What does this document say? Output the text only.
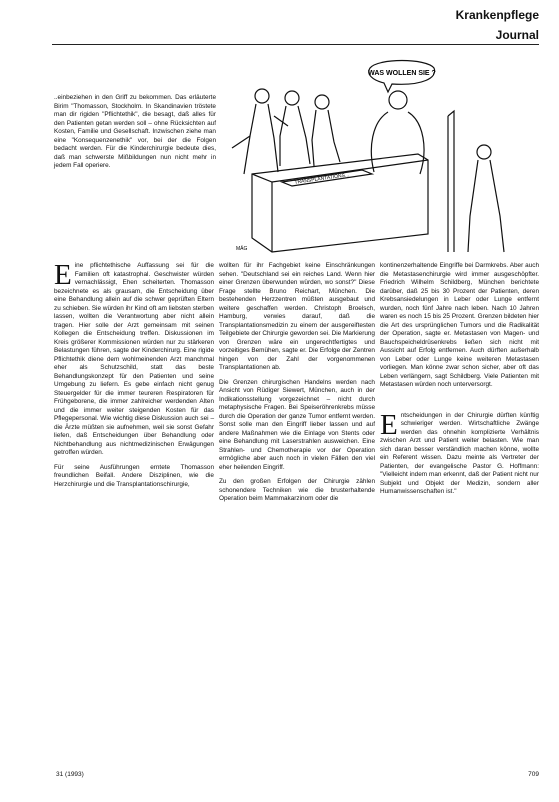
Krankenpflege
Journal

..einbeziehen in den Griff zu bekommen. Das erläuterte Birim "Thomasson, Stockholm. In Skandinavien tröstete man dir rigiden "Pflichtethik", die besagt, daß alles für den Patienten getan werden soll – ohne Rücksichten auf Kosten, Familie und Gesellschaft. Inzwischen ziehe man eine "Konsequenzenethik" vor, bei der die Folgen bedacht werden. Für die Kinderchirurgie bedeute dies, daß man schwerste Mißbildungen nun nicht mehr in jedem Fall operiere.

WAS WOLLEN SIE ?
TRANSPLANTATIONS...
MÄG

Eine pflichtethische Auffassung sei für die Familien oft katastrophal. Geschwister würden vernachlässigt, Ehen scheiterten. Thomasson bezeichnete es als grausam, die Entscheidung über eine Behandlung allein auf die schwer geprüften Eltern zu schieben. Sie würden ihr Kind oft am liebsten sterben lassen, wollten die Verantwortung aber nicht allein tragen. Hier solle der Arzt gemeinsam mit seinen Kollegen die Entscheidung treffen. Diskussionen im Kreis größerer Kommissionen würden nur zu stärkeren Belastungen führen, sagte der Kinderchirurg. Eine rigide Pflichtethik diene dem wohlmeinenden Arzt manchmal eher als Schutzschild, statt das beste Behandlungskonzept für den Patienten und seine Umgebung zu liefern. Es gebe einfach nicht genug Steuergelder für die immer teureren Respiratoren für Frühgeborene, die immer zahlreicher werdenden Alten und die immer weiter steigenden Kosten für das Pflegepersonal. Wie wichtig diese Diskussion auch sei – die Ärzte müßten sie aufnehmen, weil sie sonst Gefahr liefen, daß Entscheidungen über Behandlung oder Nichtbehandlung aus nichtmedizinischen Erwägungen getroffen würden.

Für seine Ausführungen erntete Thomasson freundlichen Beifall. Andere Disziplinen, wie die Herzchirurgie und die Transplantationschirurgie,

wollten für ihr Fachgebiet keine Einschränkungen sehen. "Deutschland sei ein reiches Land. Wenn hier einer Grenzen überwunden würden, wo sonst?" Diese Frage stellte Bruno Reichart, München. Die bestehenden Herzzentren müßten ausgebaut und weitere geschaffen werden. Christoph Broelsch, Hamburg, verwies darauf, daß die Transplantationsmedizin zu einem der ausgereiftesten Teilgebiete der Chirurgie geworden sei. Die Markierung von Grenzen wäre ein ungerechtfertigtes und vorzeitiges Bemühen, sagte er. Die Erfolge der Zentren hingen von der Zahl der vorgenommenen Transplantationen ab.

Die Grenzen chirurgischen Handelns werden nach Ansicht von Rüdiger Siewert, München, auch in der Indikationsstellung vorgezeichnet – nicht durch metaphysische Fragen. Bei Speiseröhrenkrebs müsse durch die Operation der ganze Tumor entfernt werden. Sonst solle man den Eingriff lieber lassen und auf andere Maßnahmen wie die Einlage von Stents oder eine Behandlung mit Laserstrahlen ausweichen. Eine Strahlen- und Chemotherapie vor der Operation ermögliche aber auch noch in vielen Fällen den viel eher heilenden Eingriff.

Zu den großen Erfolgen der Chirurgie zählen schonendere Techniken wie die brusterhaltende Operation beim Mammakarzinom oder die

kontinenzerhaltende Eingriffe bei Darmkrebs. Aber auch die Metastasenchirurgie wird immer ausgeschöpfter. Friedrich Wilhelm Schildberg, München berichtete darüber, daß 25 bis 30 Prozent der Patienten, deren Krebsansiedelungen in Leber oder Lunge entfernt wurden, noch fünf Jahre nach leben. Nach 10 Jahren waren es noch 15 bis 25 Prozent. Grenzen bildeten hier die Art des ursprünglichen Tumors und die Radikalität der Operation, sagte er. Metastasen von Magen- und Bauchspeicheldrüsenkrebs ließen sich nicht mit Aussicht auf Erfolg entfernen. Auch dürften außerhalb von Leber oder Lunge keine weiteren Metastasen vorliegen. Man könne zwar schon sicher, aber oft das Leben verlängern, sagt Schildberg. Viele Patienten mit Metastasen würden noch unterversorgt.

Entscheidungen in der Chirurgie dürften künftig schwieriger werden. Wirtschaftliche Zwänge werden das ohnehin komplizierte Verhältnis zwischen Arzt und Patient weiter belasten. Wie man sich daran besser verständlich machen könne, wollte ein Referent wissen. Dazu meinte als Vertreter der Patienten, der evangelische Pastor G. Hoffmann: "Vielleicht indem man erkennt, daß der Patient nicht nur Subjekt und Objekt der Medizin, sondern aller Humanwissenschaften ist."

31 (1993)	709
